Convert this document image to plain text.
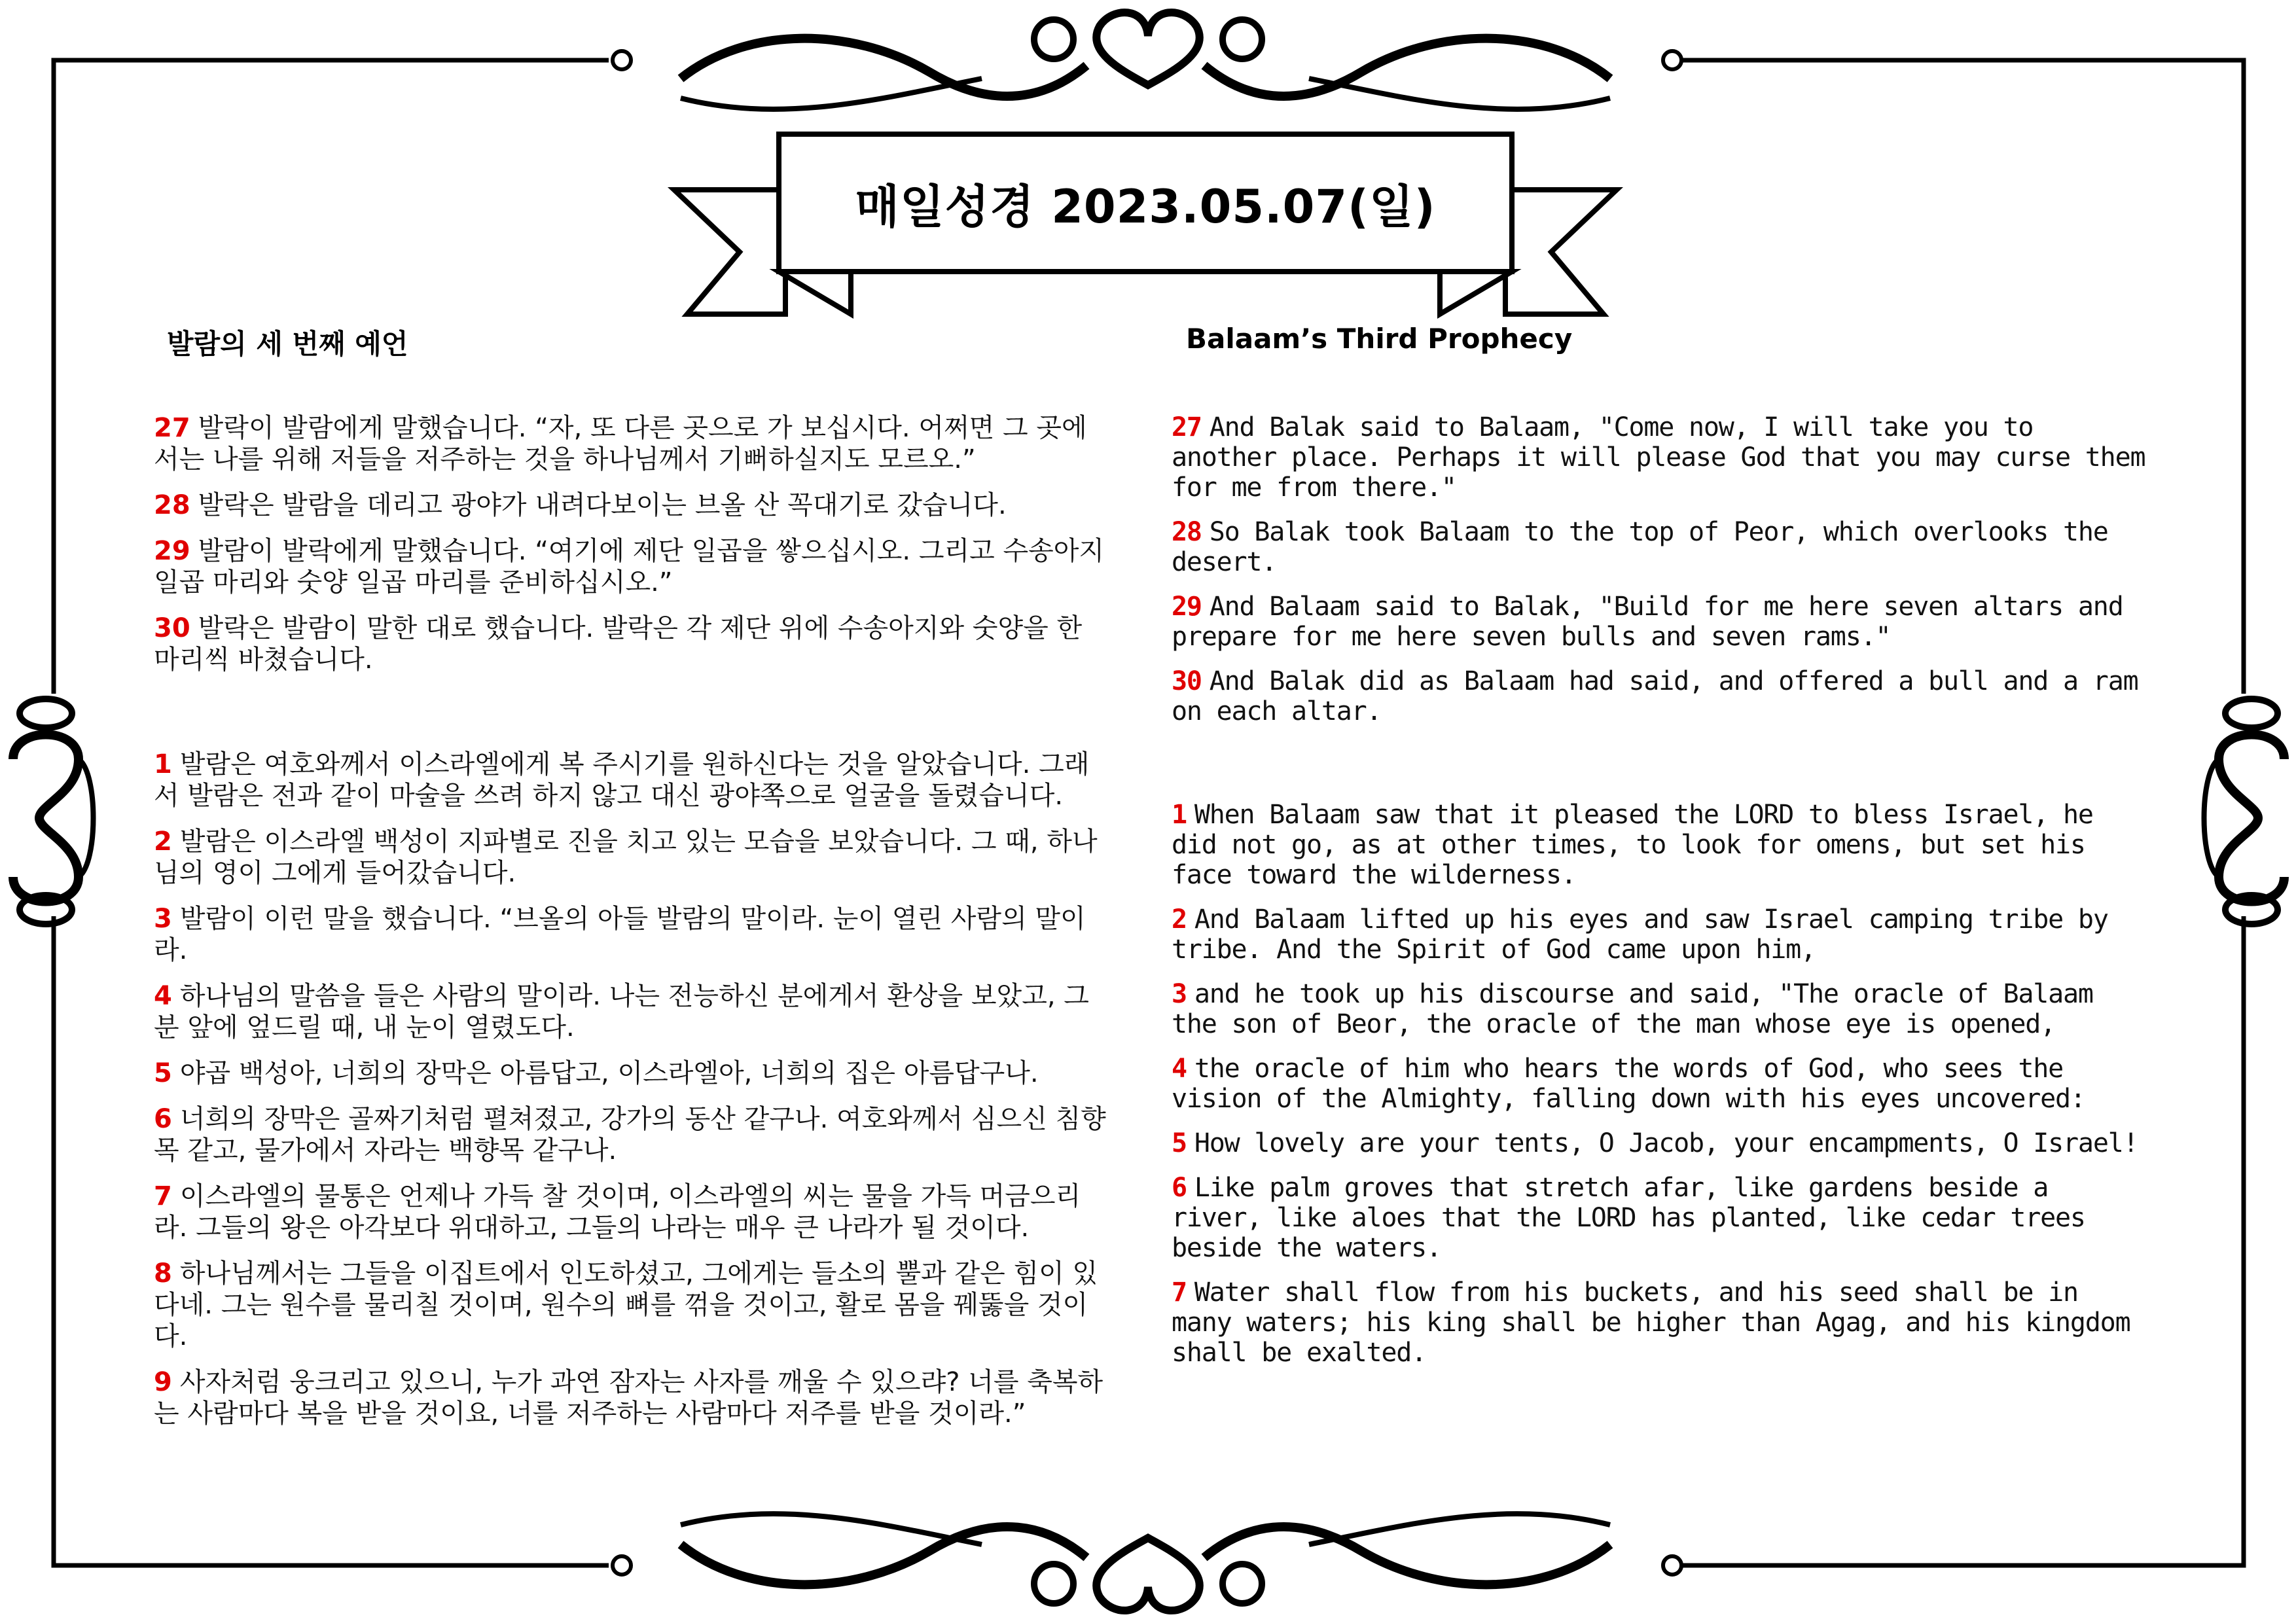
매일성경 2023.05.07(일)
발람의 세 번째 예언	Balaam’s Third Prophecy
27 발락이 발람에게 말했습니다. “자, 또 다른 곳으로 가 보십시다. 어쩌면 그 곳에서는 나를 위해 저들을 저주하는 것을 하나님께서 기뻐하실지도 모르오.”
28 발락은 발람을 데리고 광야가 내려다보이는 브올 산 꼭대기로 갔습니다.
29 발람이 발락에게 말했습니다. “여기에 제단 일곱을 쌓으십시오. 그리고 수송아지 일곱 마리와 숫양 일곱 마리를 준비하십시오.”
30 발락은 발람이 말한 대로 했습니다. 발락은 각 제단 위에 수송아지와 숫양을 한 마리씩 바쳤습니다.
1 발람은 여호와께서 이스라엘에게 복 주시기를 원하신다는 것을 알았습니다. 그래서 발람은 전과 같이 마술을 쓰려 하지 않고 대신 광야쪽으로 얼굴을 돌렸습니다.
2 발람은 이스라엘 백성이 지파별로 진을 치고 있는 모습을 보았습니다. 그 때, 하나님의 영이 그에게 들어갔습니다.
3 발람이 이런 말을 했습니다. “브올의 아들 발람의 말이라. 눈이 열린 사람의 말이라.
4 하나님의 말씀을 들은 사람의 말이라. 나는 전능하신 분에게서 환상을 보았고, 그분 앞에 엎드릴 때, 내 눈이 열렸도다.
5 야곱 백성아, 너희의 장막은 아름답고, 이스라엘아, 너희의 집은 아름답구나.
6 너희의 장막은 골짜기처럼 펼쳐졌고, 강가의 동산 같구나. 여호와께서 심으신 침향목 같고, 물가에서 자라는 백향목 같구나.
7 이스라엘의 물통은 언제나 가득 찰 것이며, 이스라엘의 씨는 물을 가득 머금으리라. 그들의 왕은 아각보다 위대하고, 그들의 나라는 매우 큰 나라가 될 것이다.
8 하나님께서는 그들을 이집트에서 인도하셨고, 그에게는 들소의 뿔과 같은 힘이 있다네. 그는 원수를 물리칠 것이며, 원수의 뼈를 꺾을 것이고, 활로 몸을 꿰뚫을 것이다.
9 사자처럼 웅크리고 있으니, 누가 과연 잠자는 사자를 깨울 수 있으랴? 너를 축복하는 사람마다 복을 받을 것이요, 너를 저주하는 사람마다 저주를 받을 것이라.”
27 And Balak said to Balaam, "Come now, I will take you to another place. Perhaps it will please God that you may curse them for me from there."
28 So Balak took Balaam to the top of Peor, which overlooks the desert.
29 And Balaam said to Balak, "Build for me here seven altars and prepare for me here seven bulls and seven rams."
30 And Balak did as Balaam had said, and offered a bull and a ram on each altar.
1 When Balaam saw that it pleased the LORD to bless Israel, he did not go, as at other times, to look for omens, but set his face toward the wilderness.
2 And Balaam lifted up his eyes and saw Israel camping tribe by tribe. And the Spirit of God came upon him,
3 and he took up his discourse and said, "The oracle of Balaam the son of Beor, the oracle of the man whose eye is opened,
4 the oracle of him who hears the words of God, who sees the vision of the Almighty, falling down with his eyes uncovered:
5 How lovely are your tents, O Jacob, your encampments, O Israel!
6 Like palm groves that stretch afar, like gardens beside a river, like aloes that the LORD has planted, like cedar trees beside the waters.
7 Water shall flow from his buckets, and his seed shall be in many waters; his king shall be higher than Agag, and his kingdom shall be exalted.
